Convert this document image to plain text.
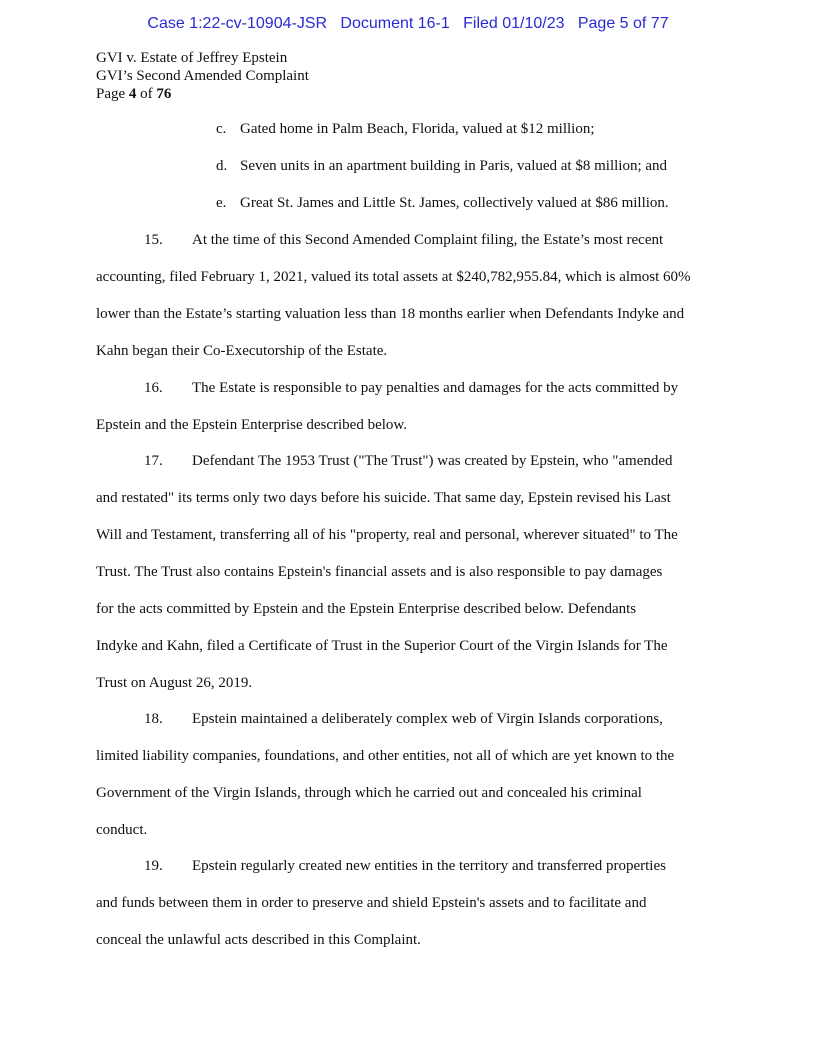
Case 1:22-cv-10904-JSR   Document 16-1   Filed 01/10/23   Page 5 of 77
GVI v. Estate of Jeffrey Epstein
GVI’s Second Amended Complaint
Page 4 of 76
c. Gated home in Palm Beach, Florida, valued at $12 million;
d. Seven units in an apartment building in Paris, valued at $8 million; and
e. Great St. James and Little St. James, collectively valued at $86 million.
15. At the time of this Second Amended Complaint filing, the Estate’s most recent
accounting, filed February 1, 2021, valued its total assets at $240,782,955.84, which is almost 60%
lower than the Estate’s starting valuation less than 18 months earlier when Defendants Indyke and
Kahn began their Co-Executorship of the Estate.
16. The Estate is responsible to pay penalties and damages for the acts committed by
Epstein and the Epstein Enterprise described below.
17. Defendant The 1953 Trust ("The Trust") was created by Epstein, who "amended
and restated" its terms only two days before his suicide. That same day, Epstein revised his Last
Will and Testament, transferring all of his "property, real and personal, wherever situated" to The
Trust. The Trust also contains Epstein's financial assets and is also responsible to pay damages
for the acts committed by Epstein and the Epstein Enterprise described below. Defendants
Indyke and Kahn, filed a Certificate of Trust in the Superior Court of the Virgin Islands for The
Trust on August 26, 2019.
18. Epstein maintained a deliberately complex web of Virgin Islands corporations,
limited liability companies, foundations, and other entities, not all of which are yet known to the
Government of the Virgin Islands, through which he carried out and concealed his criminal
conduct.
19. Epstein regularly created new entities in the territory and transferred properties
and funds between them in order to preserve and shield Epstein's assets and to facilitate and
conceal the unlawful acts described in this Complaint.
